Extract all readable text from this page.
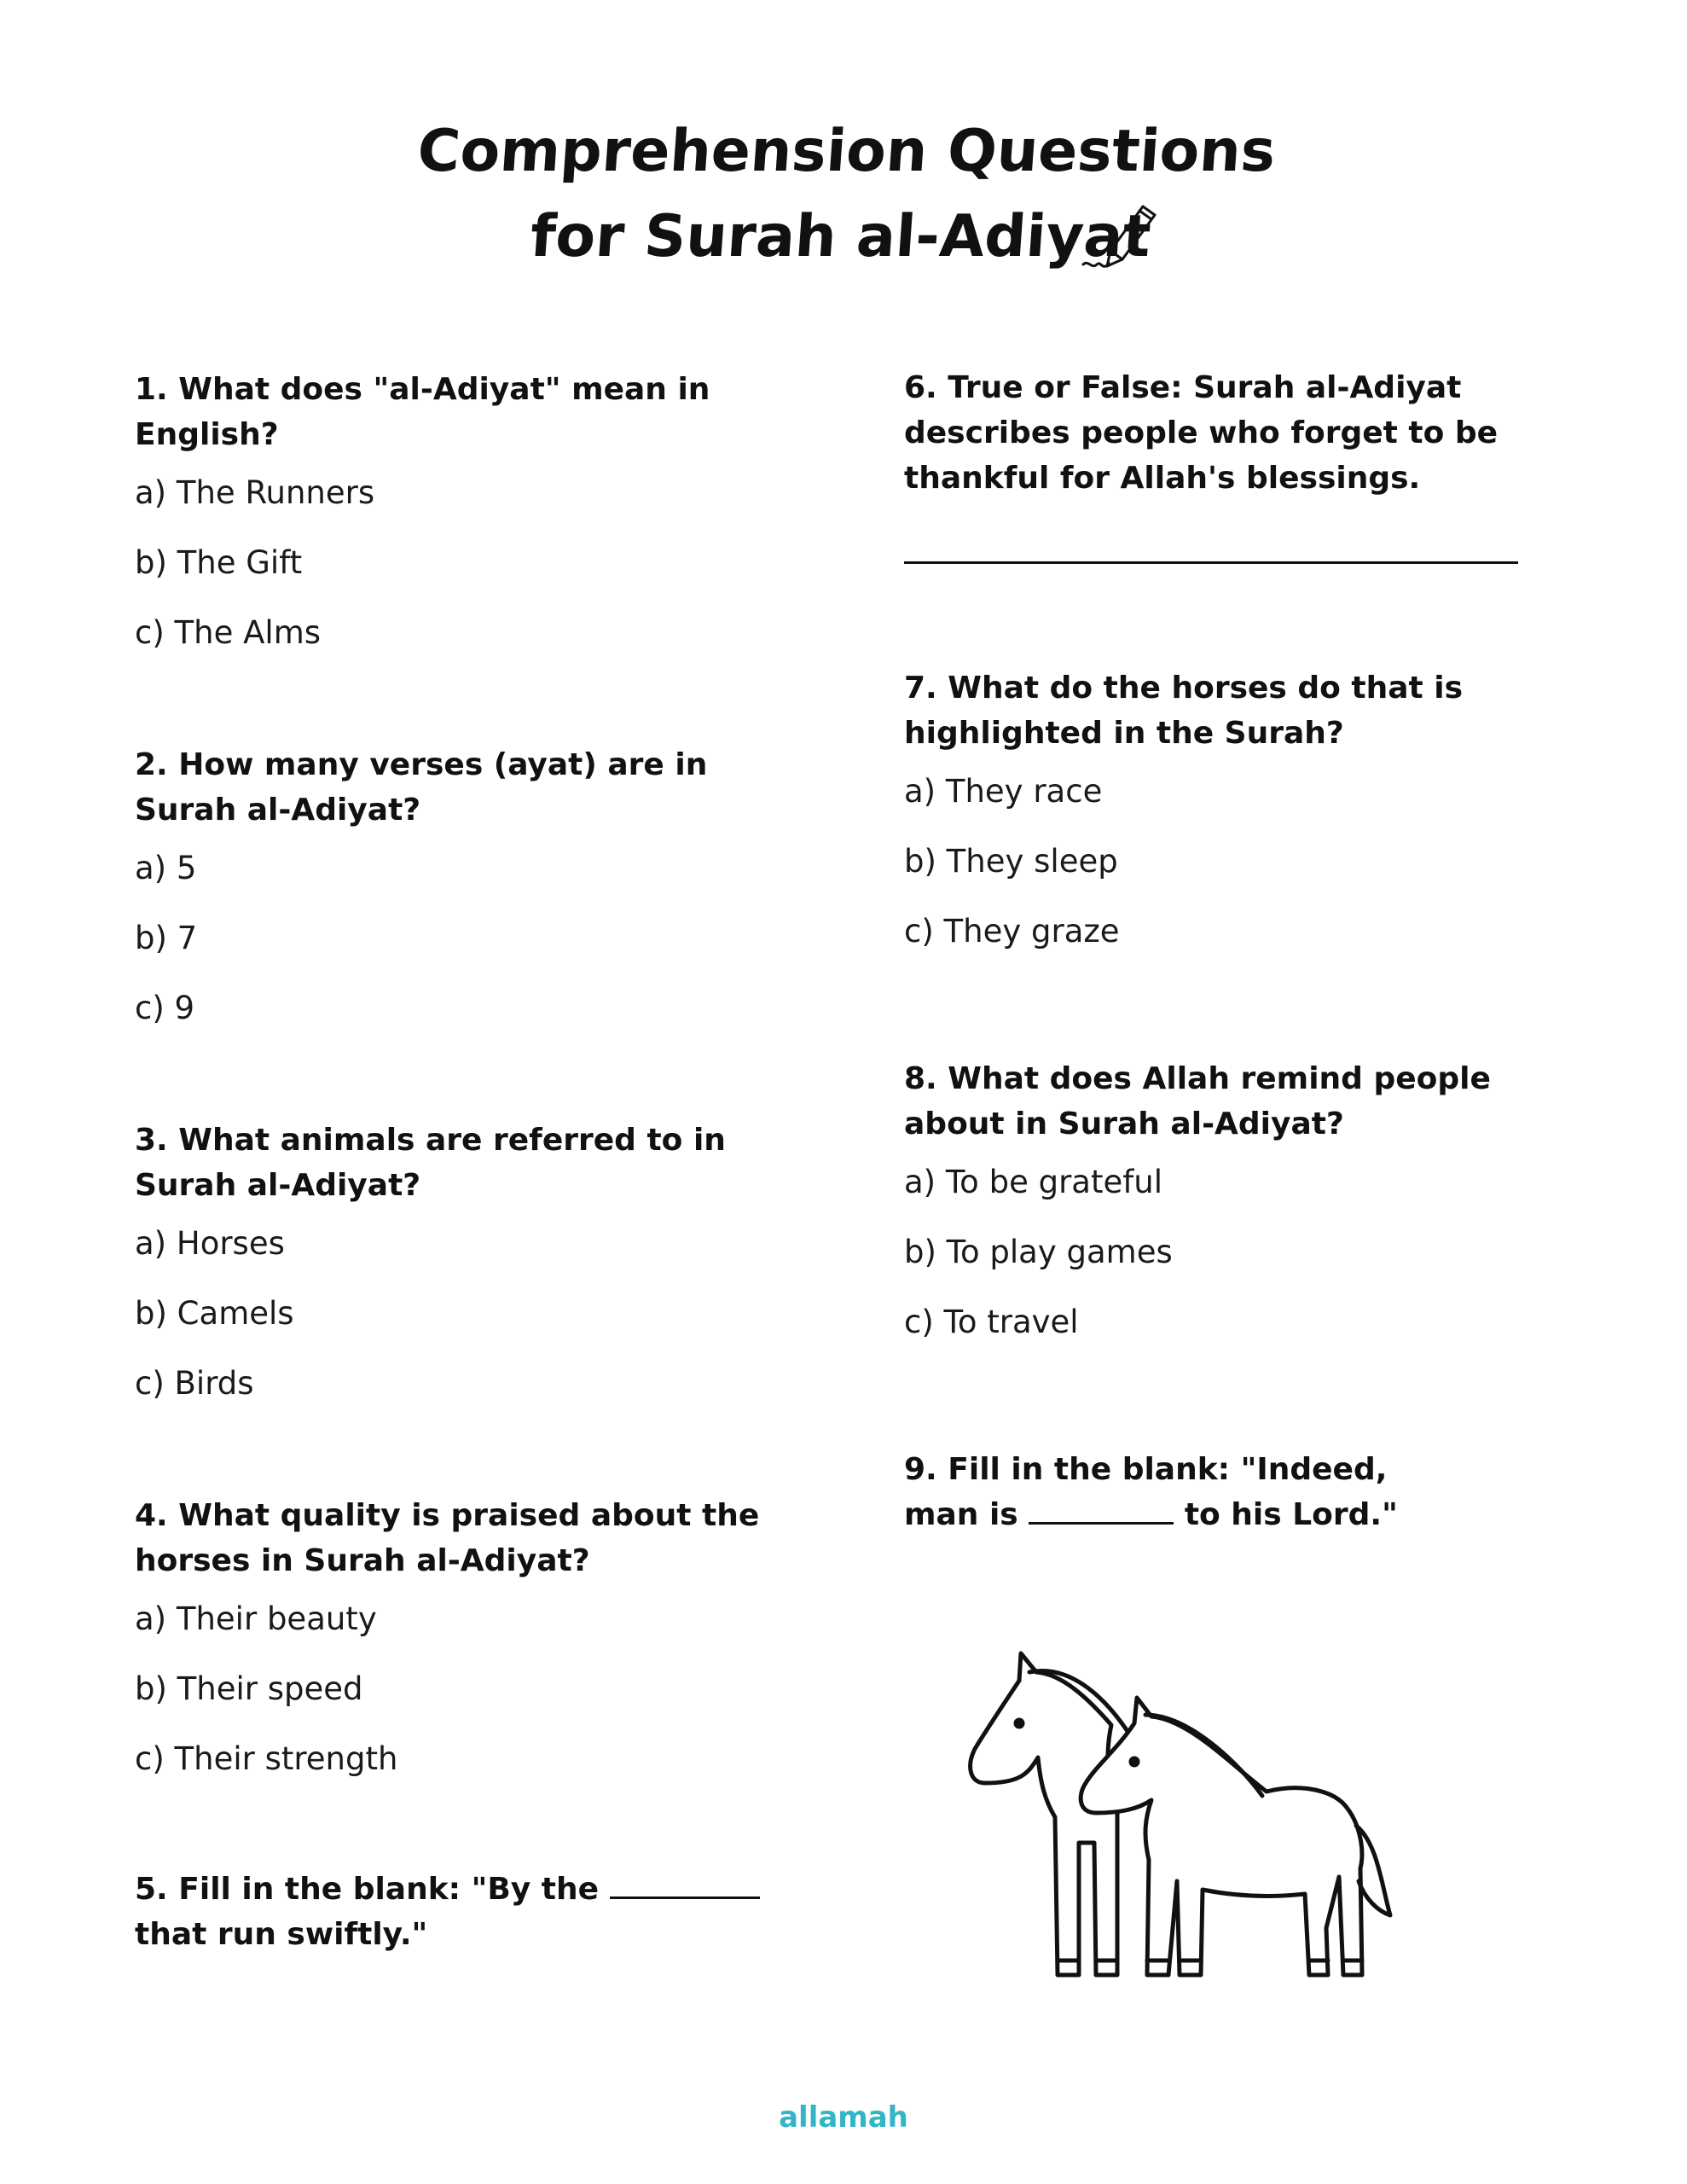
Comprehension Questions
for Surah al-Adiyat

1. What does "al-Adiyat" mean in English?

a) The Runners
b) The Gift
c) The Alms

2. How many verses (ayat) are in Surah al-Adiyat?

a) 5
b) 7
c) 9

3. What animals are referred to in Surah al-Adiyat?

a) Horses
b) Camels
c) Birds

4. What quality is praised about the horses in Surah al-Adiyat?

a) Their beauty
b) Their speed
c) Their strength

5. Fill in the blank: "By the  that run swiftly."

6. True or False: Surah al-Adiyat describes people who forget to be thankful for Allah's blessings.

7. What do the horses do that is highlighted in the Surah?

a) They race
b) They sleep
c) They graze

8. What does Allah remind people about in Surah al-Adiyat?

a) To be grateful
b) To play games
c) To travel

9. Fill in the blank: "Indeed, man is	to his Lord."

allamah
